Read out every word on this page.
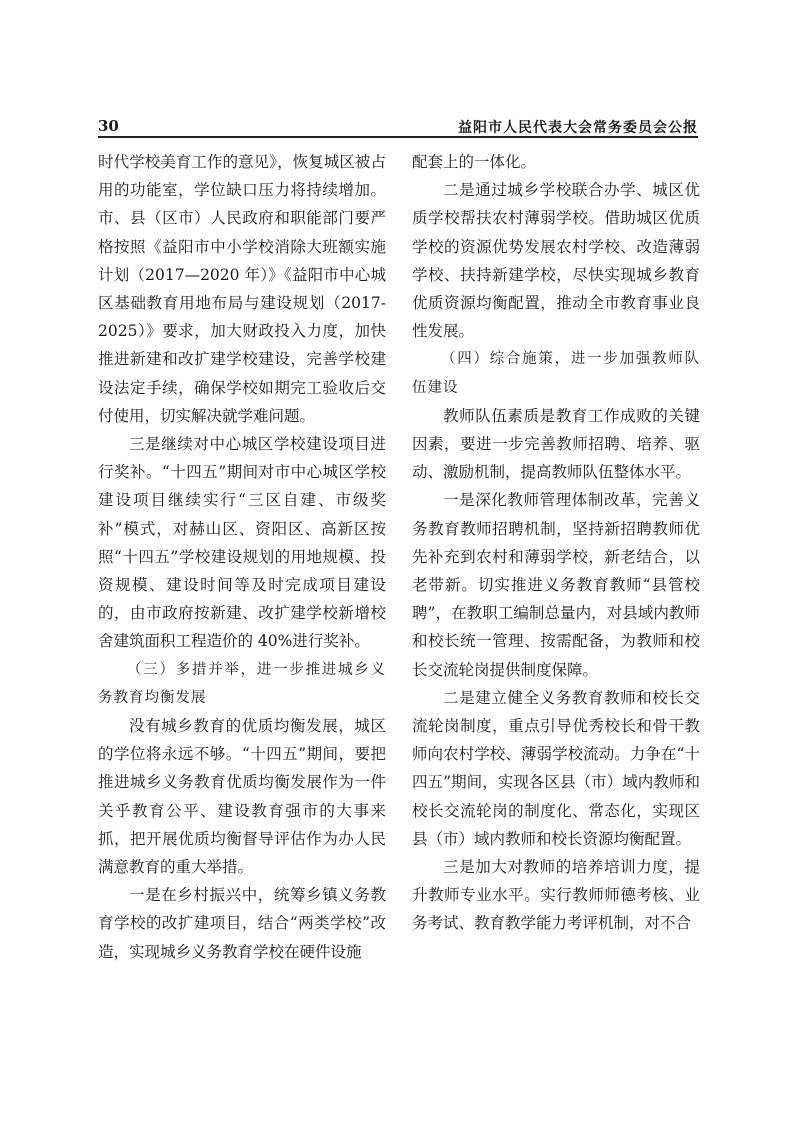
30	益阳市人民代表大会常务委员会公报

时代学校美育工作的意见》，恢复城区被占用的功能室，学位缺口压力将持续增加。市、县（区市）人民政府和职能部门要严格按照《益阳市中小学校消除大班额实施计划（2017—2020 年）》《益阳市中心城区基础教育用地布局与建设规划（2017-2025）》要求，加大财政投入力度，加快推进新建和改扩建学校建设，完善学校建设法定手续，确保学校如期完工验收后交付使用，切实解决就学难问题。

三是继续对中心城区学校建设项目进行奖补。“十四五”期间对市中心城区学校建设项目继续实行“三区自建、市级奖补”模式，对赫山区、资阳区、高新区按照“十四五”学校建设规划的用地规模、投资规模、建设时间等及时完成项目建设的，由市政府按新建、改扩建学校新增校舍建筑面积工程造价的 40%进行奖补。

（三）多措并举，进一步推进城乡义务教育均衡发展

没有城乡教育的优质均衡发展，城区的学位将永远不够。“十四五”期间，要把推进城乡义务教育优质均衡发展作为一件关乎教育公平、建设教育强市的大事来抓，把开展优质均衡督导评估作为办人民满意教育的重大举措。

一是在乡村振兴中，统筹乡镇义务教育学校的改扩建项目，结合“两类学校”改造，实现城乡义务教育学校在硬件设施

配套上的一体化。

二是通过城乡学校联合办学、城区优质学校帮扶农村薄弱学校。借助城区优质学校的资源优势发展农村学校、改造薄弱学校、扶持新建学校，尽快实现城乡教育优质资源均衡配置，推动全市教育事业良性发展。

（四）综合施策，进一步加强教师队伍建设

教师队伍素质是教育工作成败的关键因素，要进一步完善教师招聘、培养、驱动、激励机制，提高教师队伍整体水平。

一是深化教师管理体制改革，完善义务教育教师招聘机制，坚持新招聘教师优先补充到农村和薄弱学校，新老结合，以老带新。切实推进义务教育教师“县管校聘”，在教职工编制总量内，对县域内教师和校长统一管理、按需配备，为教师和校长交流轮岗提供制度保障。

二是建立健全义务教育教师和校长交流轮岗制度，重点引导优秀校长和骨干教师向农村学校、薄弱学校流动。力争在“十四五”期间，实现各区县（市）域内教师和校长交流轮岗的制度化、常态化，实现区县（市）域内教师和校长资源均衡配置。

三是加大对教师的培养培训力度，提升教师专业水平。实行教师师德考核、业务考试、教育教学能力考评机制，对不合
